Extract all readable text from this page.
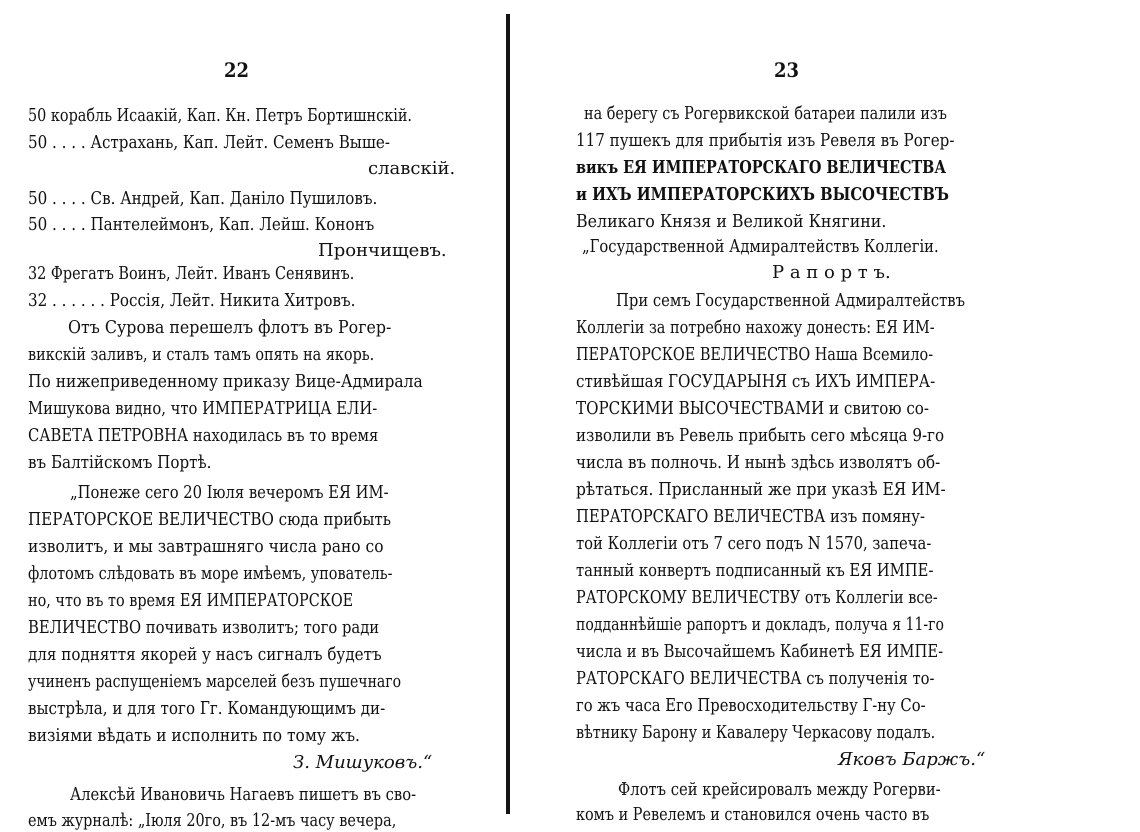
22
50 корабль Исаакій, Кап. Кн. Петръ Бортишнскій.
50 . . . . Астрахань, Кап. Лейт. Семенъ Выше-
славскій.
50 . . . . Св. Андрей, Кап. Даніло Пушиловъ.
50 . . . . Пантелеймонъ, Кап. Лейш. Кононъ
Прончищевъ.
32 Фрегатъ Воинъ, Лейт. Иванъ Сенявинъ.
32 . . . . . . Россія, Лейт. Никита Хитровъ.
Отъ Сурова перешелъ флотъ въ Рогер-
викскій заливъ, и сталъ тамъ опять на якорь.
По нижеприведенному приказу Вице-Адмирала
Мишукова видно, что ИМПЕРАТРИЦА ЕЛИ-
САВЕТА ПЕТРОВНА находилась въ то время
въ Балтійскомъ Портѣ.
„Понеже сего 20 Іюля вечеромъ ЕЯ ИМ-
ПЕРАТОРСКОЕ ВЕЛИЧЕСТВО сюда прибыть
изволитъ, и мы завтрашняго числа рано со
флотомъ слѣдовать въ море имѣемъ, упователь-
но, что въ то время ЕЯ ИМПЕРАТОРСКОЕ
ВЕЛИЧЕСТВО почивать изволитъ; того ради
для подняття якорей у насъ сигналъ будетъ
учиненъ распущеніемъ марселей безъ пушечнаго
выстрѣла, и для того Гг. Командующимъ ди-
визіями вѣдать и исполнить по тому жъ.
З. Мишуковъ.“
Алексѣй Ивановичь Нагаевъ пишетъ въ сво-
емъ журналѣ: „Іюля 20го, въ 12-мъ часу вечера,
23
на берегу съ Рогервикской батареи палили изъ
117 пушекъ для прибытія изъ Ревеля въ Рогер-
викъ ЕЯ ИМПЕРАТОРСКАГО ВЕЛИЧЕСТВА
и ИХЪ ИМПЕРАТОРСКИХЪ ВЫСОЧЕСТВЪ
Великаго Князя и Великой Княгини.
„Государственной Адмиралтействъ Коллегіи.
Р а п о р т ъ.
При семъ Государственной Адмиралтействъ
Коллегіи за потребно нахожу донесть: ЕЯ ИМ-
ПЕРАТОРСКОЕ ВЕЛИЧЕСТВО Наша Всемило-
стивѣйшая ГОСУДАРЫНЯ съ ИХЪ ИМПЕРА-
ТОРСКИМИ ВЫСОЧЕСТВАМИ и свитою со-
изволили въ Ревель прибыть сего мѣсяца 9-го
числа въ полночь. И нынѣ здѣсь изволятъ об-
рѣтаться. Присланный же при указѣ ЕЯ ИМ-
ПЕРАТОРСКАГО ВЕЛИЧЕСТВА изъ помяну-
той Коллегіи отъ 7 сего подъ N 1570, запеча-
танный конвертъ подписанный къ ЕЯ ИМПЕ-
РАТОРСКОМУ ВЕЛИЧЕСТВУ отъ Коллегіи все-
подданнѣйшіе рапортъ и докладъ, получа я 11-го
числа и въ Высочайшемъ Кабинетѣ ЕЯ ИМПЕ-
РАТОРСКАГО ВЕЛИЧЕСТВА съ полученія то-
го жъ часа Его Превосходительству Г-ну Со-
вѣтнику Барону и Кавалеру Черкасову подалъ.
Яковъ Баржъ.“
Флотъ сей крейсировалъ между Рогерви-
комъ и Ревелемъ и становился очень часто въ
